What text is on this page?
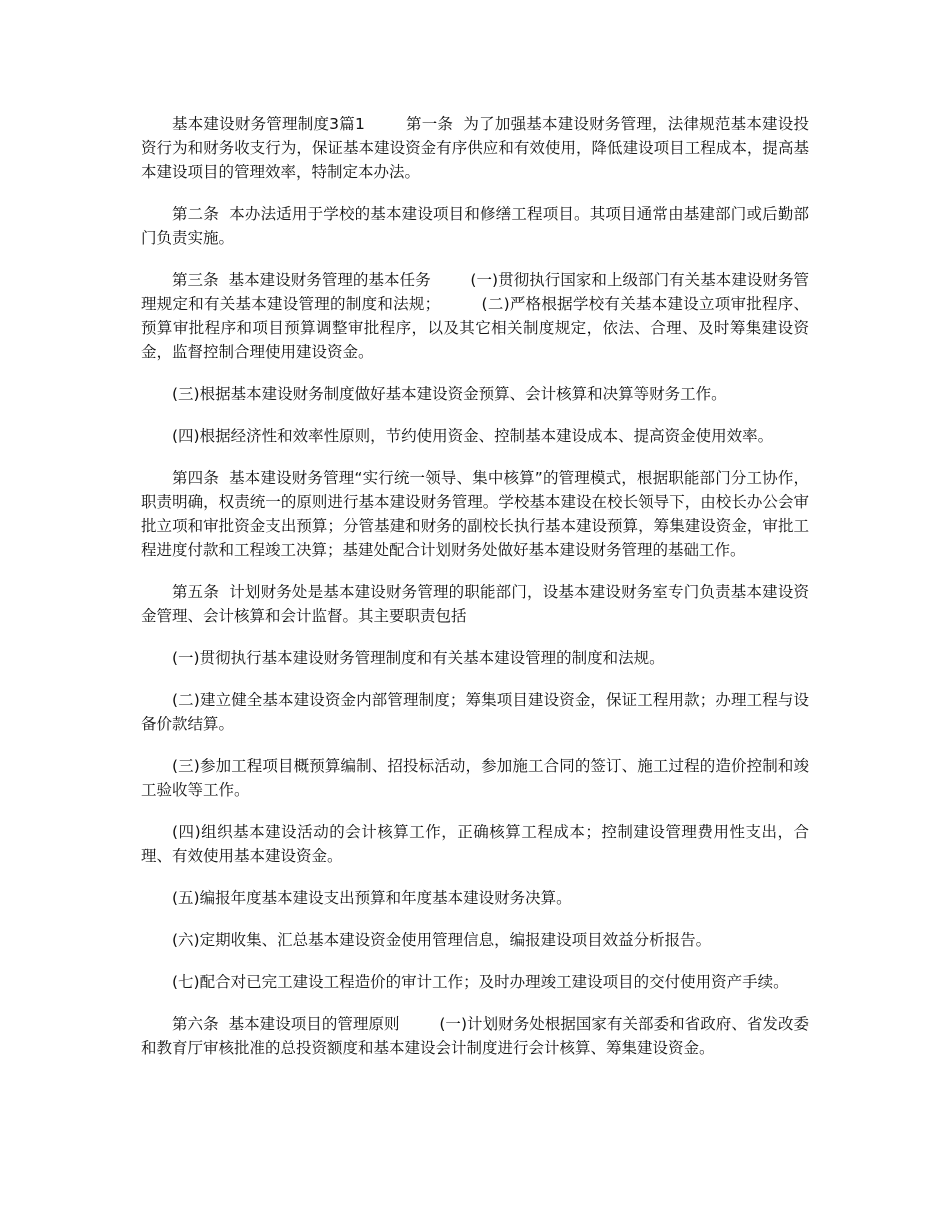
基本建设财务管理制度3篇1        第一条  为了加强基本建设财务管理，法律规范基本建设投资行为和财务收支行为，保证基本建设资金有序供应和有效使用，降低建设项目工程成本，提高基本建设项目的管理效率，特制定本办法。

第二条  本办法适用于学校的基本建设项目和修缮工程项目。其项目通常由基建部门或后勤部门负责实施。

第三条  基本建设财务管理的基本任务        (一)贯彻执行国家和上级部门有关基本建设财务管理规定和有关基本建设管理的制度和法规；        (二)严格根据学校有关基本建设立项审批程序、预算审批程序和项目预算调整审批程序，以及其它相关制度规定，依法、合理、及时筹集建设资金，监督控制合理使用建设资金。

(三)根据基本建设财务制度做好基本建设资金预算、会计核算和决算等财务工作。

(四)根据经济性和效率性原则，节约使用资金、控制基本建设成本、提高资金使用效率。

第四条  基本建设财务管理“实行统一领导、集中核算”的管理模式，根据职能部门分工协作，职责明确，权责统一的原则进行基本建设财务管理。学校基本建设在校长领导下，由校长办公会审批立项和审批资金支出预算；分管基建和财务的副校长执行基本建设预算，筹集建设资金，审批工程进度付款和工程竣工决算；基建处配合计划财务处做好基本建设财务管理的基础工作。

第五条  计划财务处是基本建设财务管理的职能部门，设基本建设财务室专门负责基本建设资金管理、会计核算和会计监督。其主要职责包括

(一)贯彻执行基本建设财务管理制度和有关基本建设管理的制度和法规。

(二)建立健全基本建设资金内部管理制度；筹集项目建设资金，保证工程用款；办理工程与设备价款结算。

(三)参加工程项目概预算编制、招投标活动，参加施工合同的签订、施工过程的造价控制和竣工验收等工作。

(四)组织基本建设活动的会计核算工作，正确核算工程成本；控制建设管理费用性支出，合理、有效使用基本建设资金。

(五)编报年度基本建设支出预算和年度基本建设财务决算。

(六)定期收集、汇总基本建设资金使用管理信息，编报建设项目效益分析报告。

(七)配合对已完工建设工程造价的审计工作；及时办理竣工建设项目的交付使用资产手续。

第六条  基本建设项目的管理原则        (一)计划财务处根据国家有关部委和省政府、省发改委和教育厅审核批准的总投资额度和基本建设会计制度进行会计核算、筹集建设资金。
